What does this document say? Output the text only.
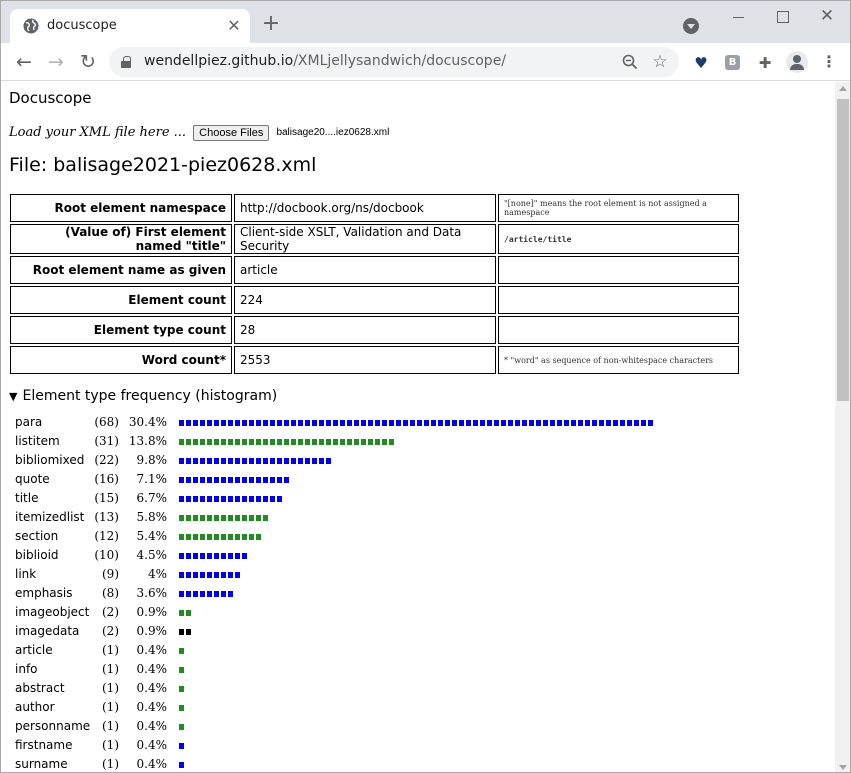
docuscope	✕ +	✕
← → ↻	wendellpiez.github.io/XMLjellysandwich/docuscope/	☆ ♥	B ✚	⋮
Docuscope
Load your XML file here ... Choose Files balisage20....iez0628.xml
File: balisage2021-piez0628.xml
Root element namespace	http://docbook.org/ns/docbook	"[none]" means the root element is not assigned a namespace
(Value of) First element named "title"	Client-side XSLT, Validation and Data Security	/article/title
Root element name as given	article	
Element count	224	
Element type count	28	
Word count*	2553	* "word" as sequence of non-whitespace characters
▼ Element type frequency (histogram)
para	(68) 30.4%
listitem	(31) 13.8%
bibliomixed (22)	9.8%
quote	(16)	7.1%
title	(15)	6.7%
itemizedlist (13)	5.8%
section	(12)	5.4%
biblioid	(10)	4.5%
link	(9)	4%
emphasis	(8)	3.6%
imageobject	(2)	0.9%
imagedata	(2)	0.9%
article	(1)	0.4%
info	(1)	0.4%
abstract	(1)	0.4%
author	(1)	0.4%
personname (1)	0.4%
firstname	(1)	0.4%
surname	(1)	0.4%
